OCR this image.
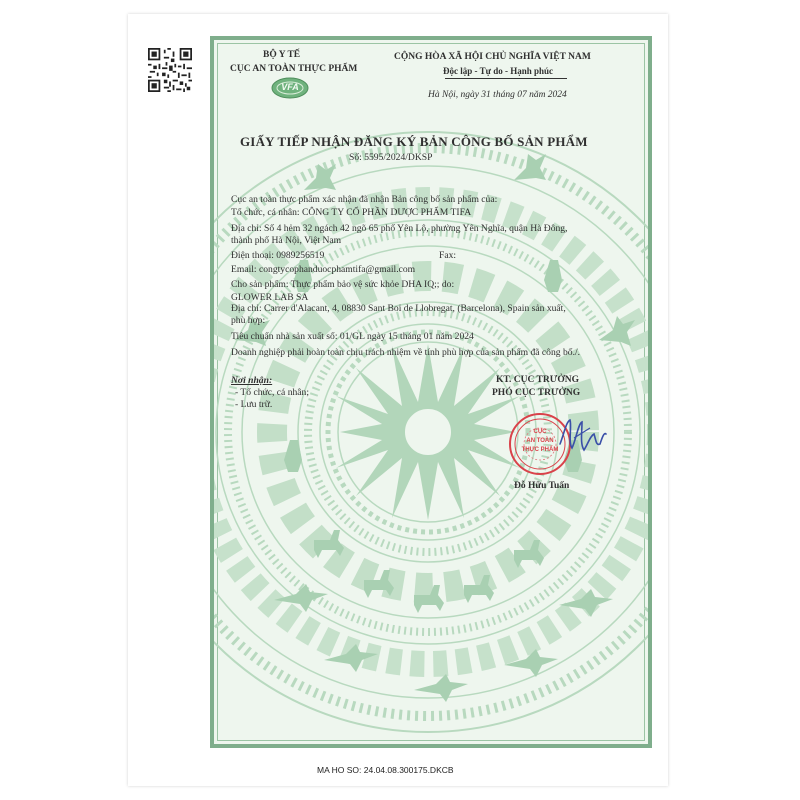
BỘ Y TẾ
CỤC AN TOÀN THỰC PHẨM
VFA
CỘNG HÒA XÃ HỘI CHỦ NGHĨA VIỆT NAM
Độc lập - Tự do - Hạnh phúc
Hà Nội, ngày 31 tháng 07 năm 2024
GIẤY TIẾP NHẬN ĐĂNG KÝ BẢN CÔNG BỐ SẢN PHẨM
Số: 5595/2024/DKSP
Cục an toàn thực phẩm xác nhận đã nhận Bản công bố sản phẩm của:
Tổ chức, cá nhân: CÔNG TY CỔ PHẦN DƯỢC PHẨM TIFA
Địa chỉ: Số 4 hẻm 32 ngách 42 ngõ 65 phố Yên Lộ, phường Yên Nghĩa, quận Hà Đông,
thành phố Hà Nội, Việt Nam
Điện thoại: 0989256519	Fax:
Email: congtycophanduocphamtifa@gmail.com
Cho sản phẩm: Thực phẩm bảo vệ sức khỏe DHA IQ;; do:
GLOWER LAB SA
Địa chỉ: Carrer d'Alacant, 4, 08830 Sant Boi de Llobregat, (Barcelona), Spain sản xuất,
phù hợp:
Tiêu chuẩn nhà sản xuất số: 01/GL ngày 15 tháng 01 năm 2024
Doanh nghiệp phải hoàn toàn chịu trách nhiệm về tính phù hợp của sản phẩm đã công bố./.
Nơi nhận:
- Tổ chức, cá nhân;
- Lưu trữ.
KT. CỤC TRƯỞNG
PHÓ CỤC TRƯỞNG
CỤC
AN TOÀN
THỰC PHẨM
Đỗ Hữu Tuấn
MA HO SO: 24.04.08.300175.DKCB
